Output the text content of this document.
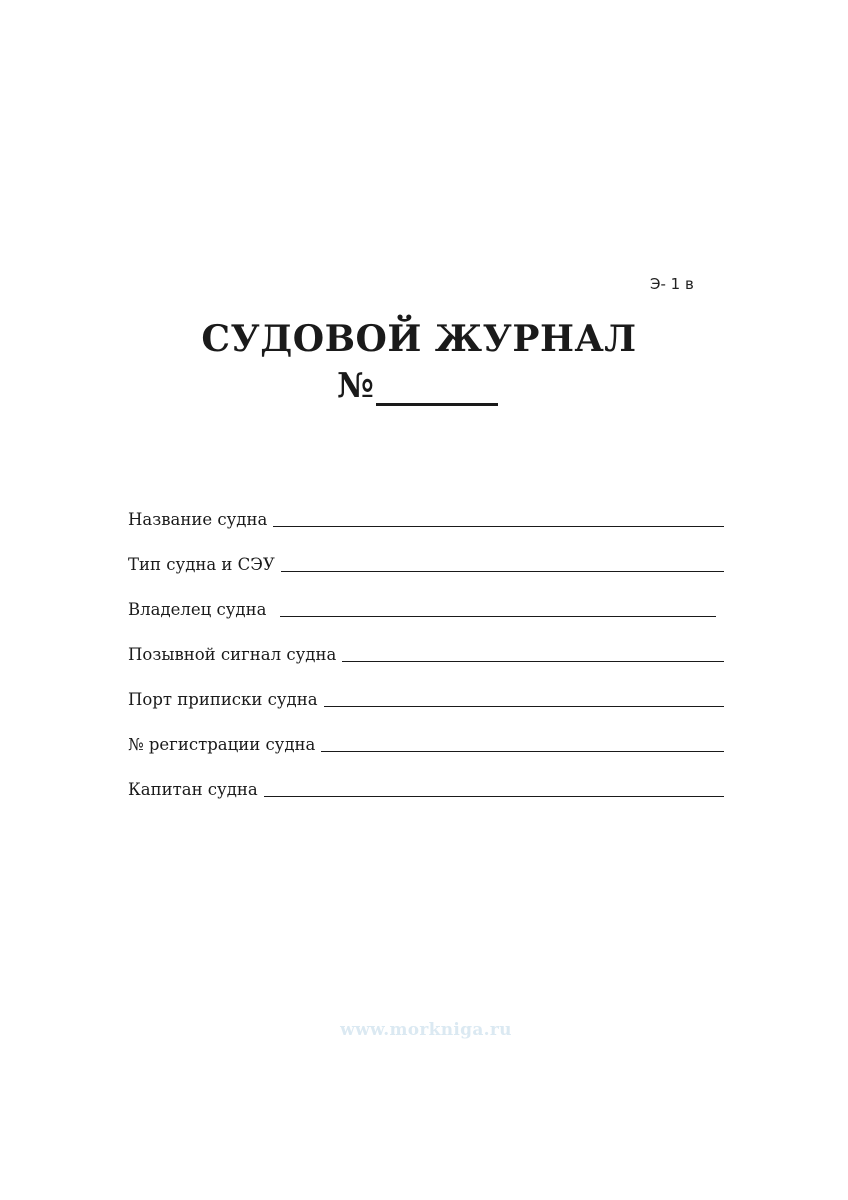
Э- 1 в
СУДОВОЙ ЖУРНАЛ
№
Название судна
Тип судна и СЭУ
Владелец судна
Позывной сигнал судна
Порт приписки судна
№ регистрации судна
Капитан судна
www.morkniga.ru
